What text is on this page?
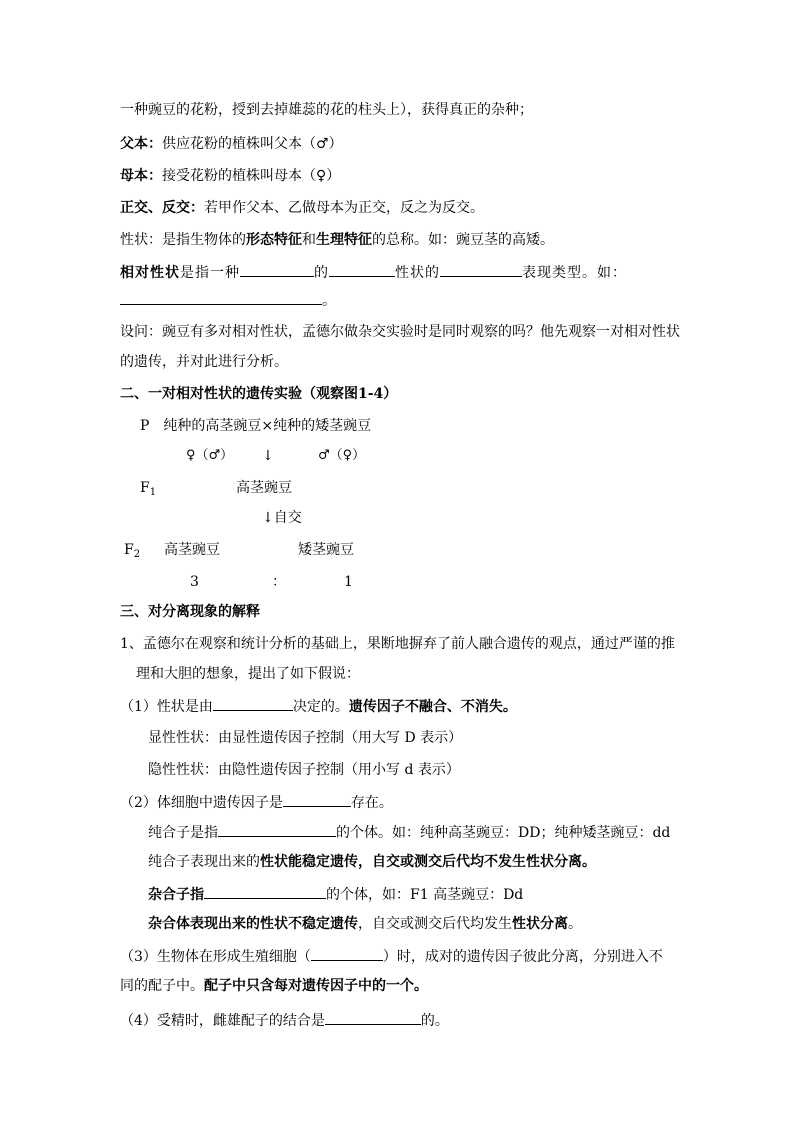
一种豌豆的花粉，授到去掉雄蕊的花的柱头上），获得真正的杂种；
父本：供应花粉的植株叫父本（♂）
母本：接受花粉的植株叫母本（♀）
正交、反交：若甲作父本、乙做母本为正交，反之为反交。
性状：是指生物体的形态特征和生理特征的总称。如：豌豆茎的高矮。
相对性状是指一种	的	性状的	表现类型。如：
。
设问：豌豆有多对相对性状，孟德尔做杂交实验时是同时观察的吗？他先观察一对相对性状
的遗传，并对此进行分析。
二、一对相对性状的遗传实验（观察图1-4）
P 纯种的高茎豌豆×纯种的矮茎豌豆
♀（♂） ↓	♂（♀）
$F_1$	高茎豌豆
↓自交
$F_2$ 高茎豌豆	矮茎豌豆
3	：	1
三、对分离现象的解释
1、孟德尔在观察和统计分析的基础上，果断地摒弃了前人融合遗传的观点，通过严谨的推
理和大胆的想象，提出了如下假说：
（1）性状是由	决定的。遗传因子不融合、不消失。
显性性状：由显性遗传因子控制（用大写 D 表示）
隐性性状：由隐性遗传因子控制（用小写 d 表示）
（2）体细胞中遗传因子是	存在。
纯合子是指	的个体。如：纯种高茎豌豆：DD；纯种矮茎豌豆：dd
纯合子表现出来的性状能稳定遗传，自交或测交后代均不发生性状分离。
杂合子指	的个体，如：F1 高茎豌豆：Dd
杂合体表现出来的性状不稳定遗传，自交或测交后代均发生性状分离。
（3）生物体在形成生殖细胞（	）时，成对的遗传因子彼此分离，分别进入不
同的配子中。配子中只含每对遗传因子中的一个。
（4）受精时，雌雄配子的结合是	的。
